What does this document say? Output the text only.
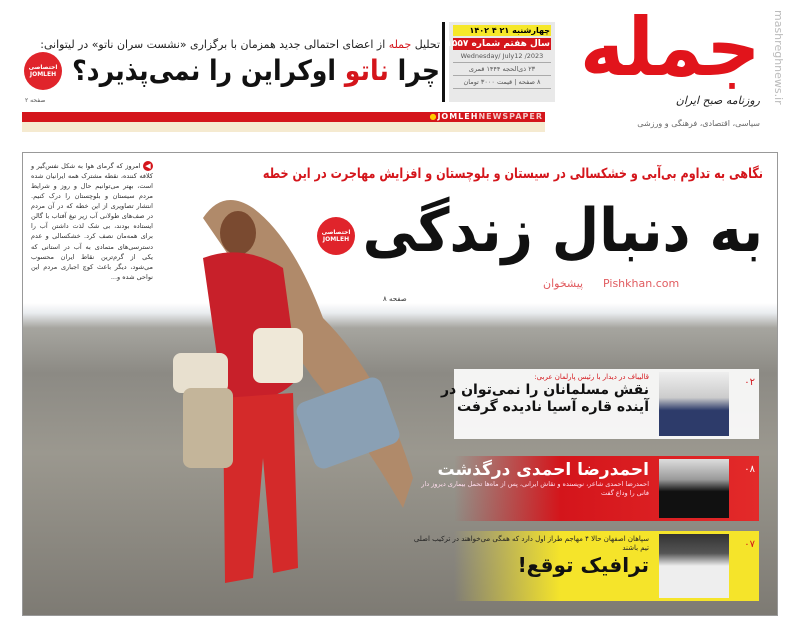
تحلیل جمله از اعضای احتمالی جدید همزمان با برگزاری «نشست سران ناتو» در لیتوانی:
چرا ناتو اوکراین را نمی‌پذیرد؟
اختصاصی
JOMLEH
صفحه ۲
چهارشنبه ۲۱ ۴ ۱۴۰۲
سال هفتم شماره ۱۵۵۷
Wednesday/ July12 /2023
۲۳ ذی‌الحجه ۱۴۴۴ قمری
۸ صفحه | قیمت ۳۰۰۰ تومان
●JOMLEHNEWSPAPER
جمله
روزنامه صبح ایران
سیاسی، اقتصادی، فرهنگی و ورزشی
mashreghnews.ir
◀ امروز که گرمای هوا به شکل نفس‌گیر و کلافه کننده، نقطه مشترک همه ایرانیان شده است، بهتر می‌توانیم حال و روز و شرایط مردم سیستان و بلوچستان را درک کنیم. انتشار تصاویری از این خطه که در آن مردم در صف‌های طولانی آب زیر تیغ آفتاب با گالن ایستاده بودند، بی شک لذت داشتن آب را برای همه‌مان نصف کرد. خشکسالی و عدم دسترسی‌های متمادی به آب در استانی که یکی از گرم‌ترین نقاط ایران محسوب می‌شود، دیگر باعث کوچ اجباری مردم این نواحی شده و...
نگاهی به تداوم بی‌آبی و خشکسالی در سیستان و بلوچستان و افزایش مهاجرت در این خطه
به دنبال زندگی
پیشخوان Pishkhan.com
اختصاصی
JOMLEH
صفحه ۸
۰۲
قالیباف در دیدار با رئیس پارلمان عربی:
نقش مسلمانان را نمی‌توان در آینده قاره آسیا نادیده گرفت
۰۸
احمدرضا احمدی درگذشت
احمدرضا احمدی شاعر، نویسنده و نقاش ایرانی، پس از ماه‌ها تحمل بیماری دیروز دار فانی را وداع گفت
۰۷
سپاهان اصفهان حالا ۴ مهاجم طراز اول دارد که همگی می‌خواهند در ترکیب اصلی تیم باشند
ترافیک توقع!
